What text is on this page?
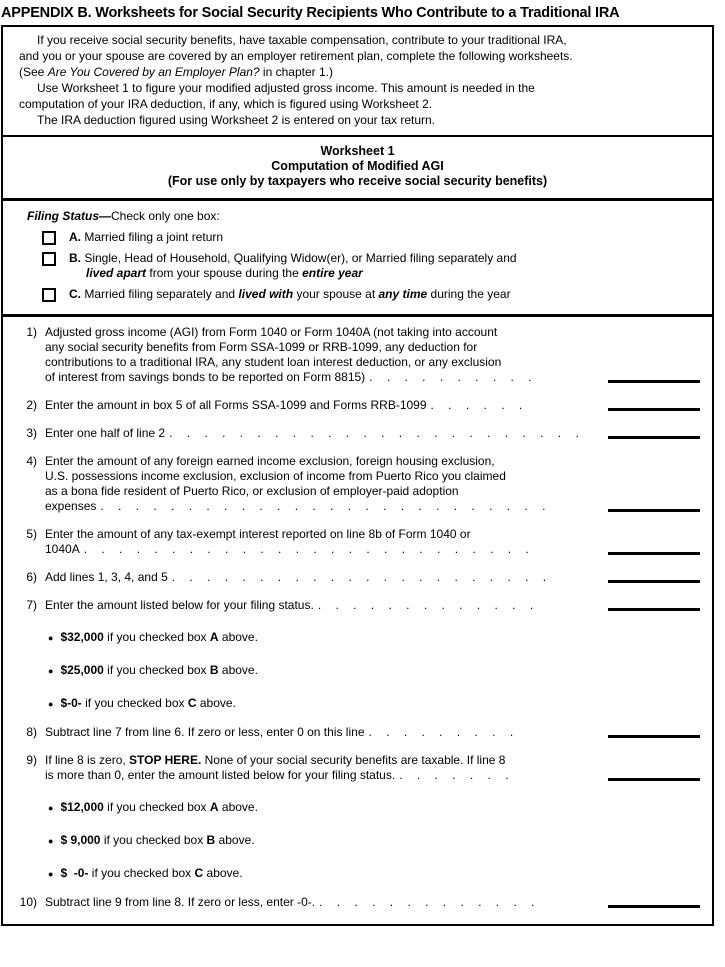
APPENDIX B. Worksheets for Social Security Recipients Who Contribute to a Traditional IRA

If you receive social security benefits, have taxable compensation, contribute to your traditional IRA,
and you or your spouse are covered by an employer retirement plan, complete the following worksheets.
(See Are You Covered by an Employer Plan? in chapter 1.)

Use Worksheet 1 to figure your modified adjusted gross income. This amount is needed in the
computation of your IRA deduction, if any, which is figured using Worksheet 2.

The IRA deduction figured using Worksheet 2 is entered on your tax return.

Worksheet 1
Computation of Modified AGI
(For use only by taxpayers who receive social security benefits)
Filing Status—Check only one box:
A. Married filing a joint return
B. Single, Head of Household, Qualifying Widow(er), or Married filing separately and
lived apart from your spouse during the entire year
C. Married filing separately and lived with your spouse at any time during the year
1) Adjusted gross income (AGI) from Form 1040 or Form 1040A (not taking into account
any social security benefits from Form SSA-1099 or RRB-1099, any deduction for
contributions to a traditional IRA, any student loan interest deduction, or any exclusion
of interest from savings bonds to be reported on Form 8815) . . . . . . . . . .
2) Enter the amount in box 5 of all Forms SSA-1099 and Forms RRB-1099 . . . . . .
3) Enter one half of line 2 . . . . . . . . . . . . . . . . . . . . . . . .
4) Enter the amount of any foreign earned income exclusion, foreign housing exclusion,
U.S. possessions income exclusion, exclusion of income from Puerto Rico you claimed
as a bona fide resident of Puerto Rico, or exclusion of employer-paid adoption
expenses . . . . . . . . . . . . . . . . . . . . . . . . . .
5) Enter the amount of any tax-exempt interest reported on line 8b of Form 1040 or
1040A . . . . . . . . . . . . . . . . . . . . . . . . . .
6) Add lines 1, 3, 4, and 5 . . . . . . . . . . . . . . . . . . . . . .
7) Enter the amount listed below for your filing status. . . . . . . . . . . . . .
● $32,000 if you checked box A above.
● $25,000 if you checked box B above.
● $-0- if you checked box C above.
8) Subtract line 7 from line 6. If zero or less, enter 0 on this line . . . . . . . . .
9) If line 8 is zero, STOP HERE. None of your social security benefits are taxable. If line 8
is more than 0, enter the amount listed below for your filing status. . . . . . . .
● $12,000 if you checked box A above.
● $ 9,000 if you checked box B above.
● $  -0- if you checked box C above.
10) Subtract line 9 from line 8. If zero or less, enter -0-. . . . . . . . . . . . . .
